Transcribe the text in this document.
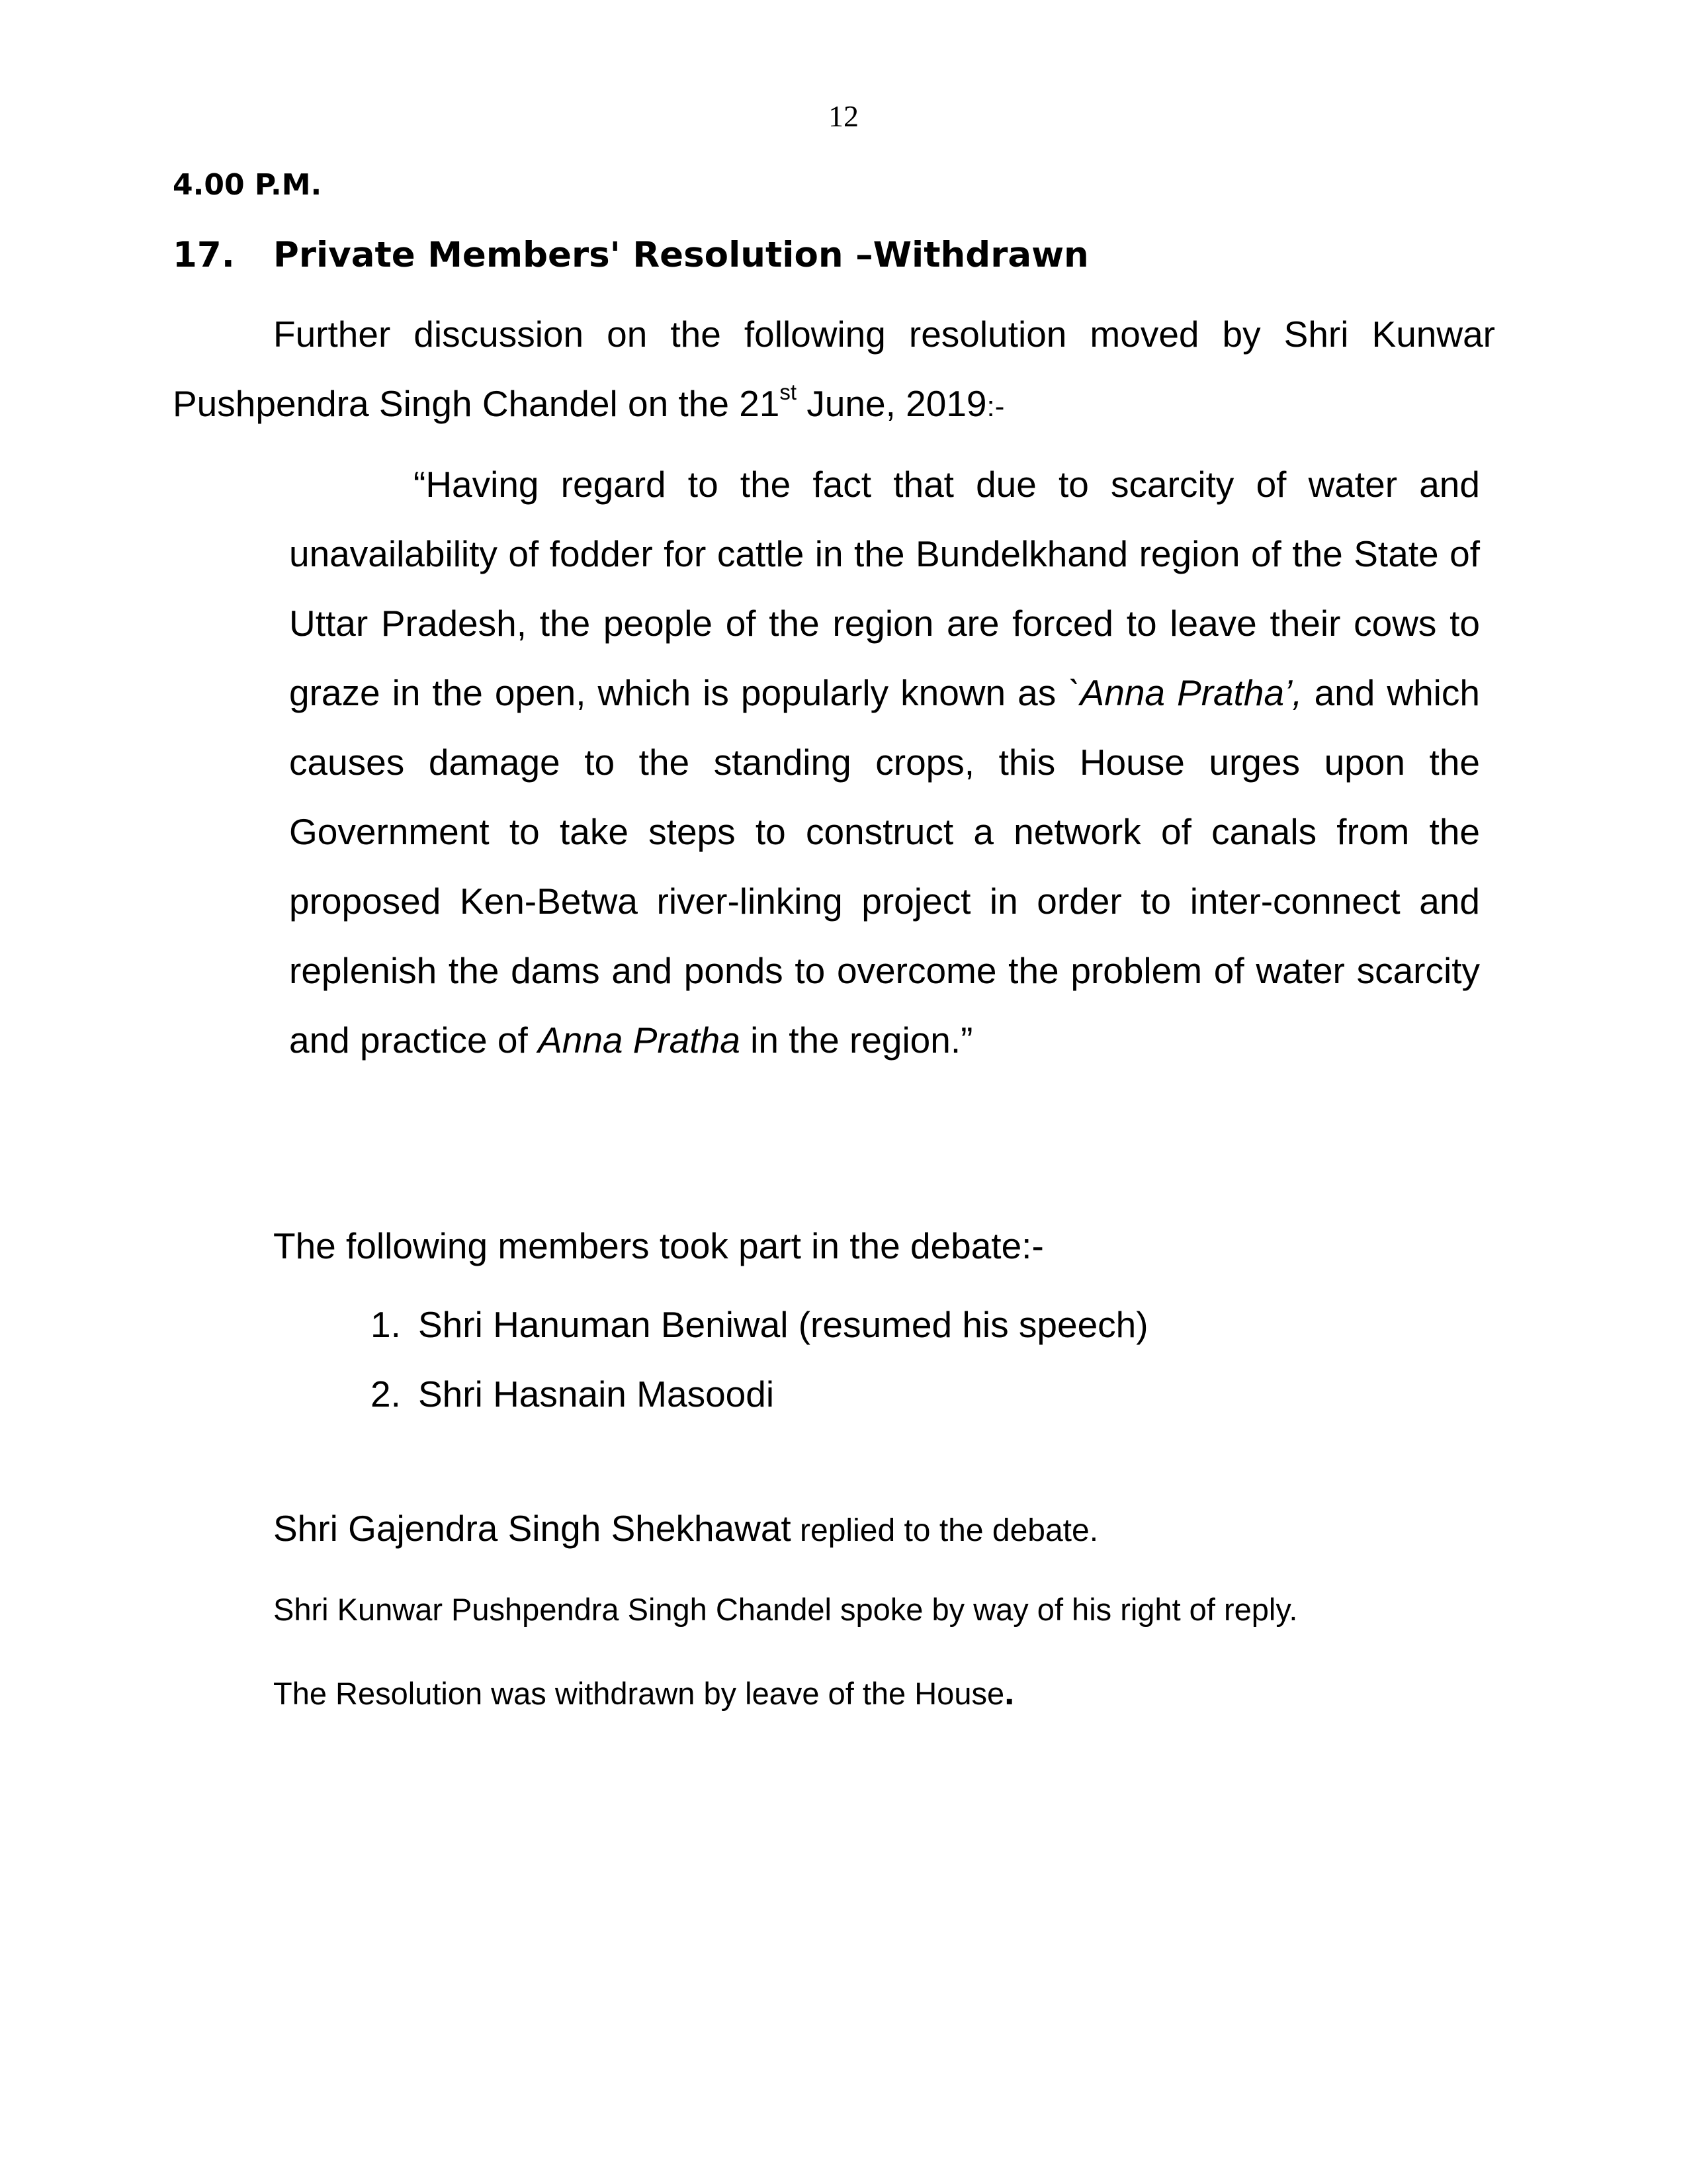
12
4.00 P.M.
17. Private Members' Resolution –Withdrawn

Further discussion on the following resolution moved by Shri Kunwar Pushpendra Singh Chandel on the 21st June, 2019:-

“Having regard to the fact that due to scarcity of water and unavailability of fodder for cattle in the Bundelkhand region of the State of Uttar Pradesh, the people of the region are forced to leave their cows to graze in the open, which is popularly known as `Anna Pratha’, and which causes damage to the standing crops, this House urges upon the Government to take steps to construct a network of canals from the proposed Ken-Betwa river-linking project in order to inter-connect and replenish the dams and ponds to overcome the problem of water scarcity and practice of Anna Pratha in the region.”

The following members took part in the debate:-
1. Shri Hanuman Beniwal (resumed his speech)
2. Shri Hasnain Masoodi
Shri Gajendra Singh Shekhawat replied to the debate.
Shri Kunwar Pushpendra Singh Chandel spoke by way of his right of reply.
The Resolution was withdrawn by leave of the House.
